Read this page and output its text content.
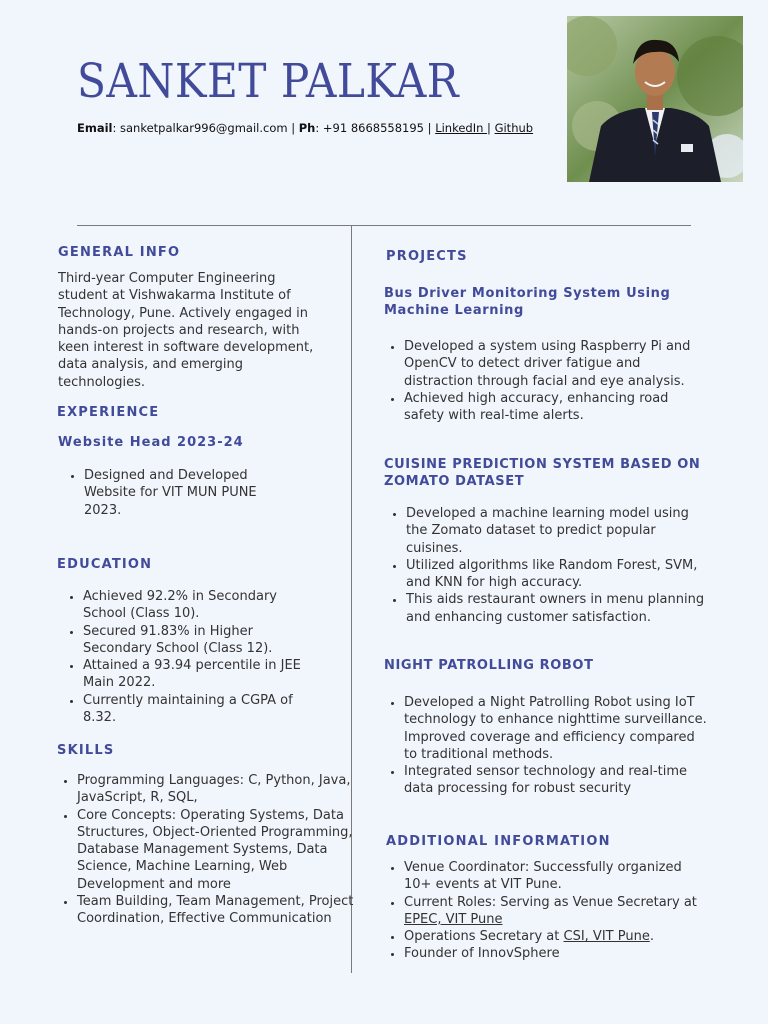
SANKET PALKAR
Email: sanketpalkar996@gmail.com | Ph: +91 8668558195 | LinkedIn | Github
GENERAL INFO

Third-year Computer Engineering student at Vishwakarma Institute of Technology, Pune. Actively engaged in hands-on projects and research, with keen interest in software development, data analysis, and emerging technologies.

EXPERIENCE
Website Head 2023-24
• Designed and Developed Website for VIT MUN PUNE 2023.
EDUCATION
• Achieved 92.2% in Secondary School (Class 10).
• Secured 91.83% in Higher Secondary School (Class 12).
• Attained a 93.94 percentile in JEE Main 2022.
• Currently maintaining a CGPA of 8.32.
SKILLS
• Programming Languages: C, Python, Java, JavaScript, R, SQL,
• Core Concepts: Operating Systems, Data Structures, Object-Oriented Programming, Database Management Systems, Data Science, Machine Learning, Web Development and more
• Team Building, Team Management, Project Coordination, Effective Communication
PROJECTS
Bus Driver Monitoring System Using Machine Learning
• Developed a system using Raspberry Pi and OpenCV to detect driver fatigue and distraction through facial and eye analysis.
• Achieved high accuracy, enhancing road safety with real-time alerts.
CUISINE PREDICTION SYSTEM BASED ON ZOMATO DATASET
• Developed a machine learning model using the Zomato dataset to predict popular cuisines.
• Utilized algorithms like Random Forest, SVM, and KNN for high accuracy.
• This aids restaurant owners in menu planning and enhancing customer satisfaction.
NIGHT PATROLLING ROBOT
• Developed a Night Patrolling Robot using IoT technology to enhance nighttime surveillance. Improved coverage and efficiency compared to traditional methods.
• Integrated sensor technology and real-time data processing for robust security
ADDITIONAL INFORMATION
• Venue Coordinator: Successfully organized 10+ events at VIT Pune.
• Current Roles: Serving as Venue Secretary at EPEC, VIT Pune
• Operations Secretary at CSI, VIT Pune.
• Founder of InnovSphere
